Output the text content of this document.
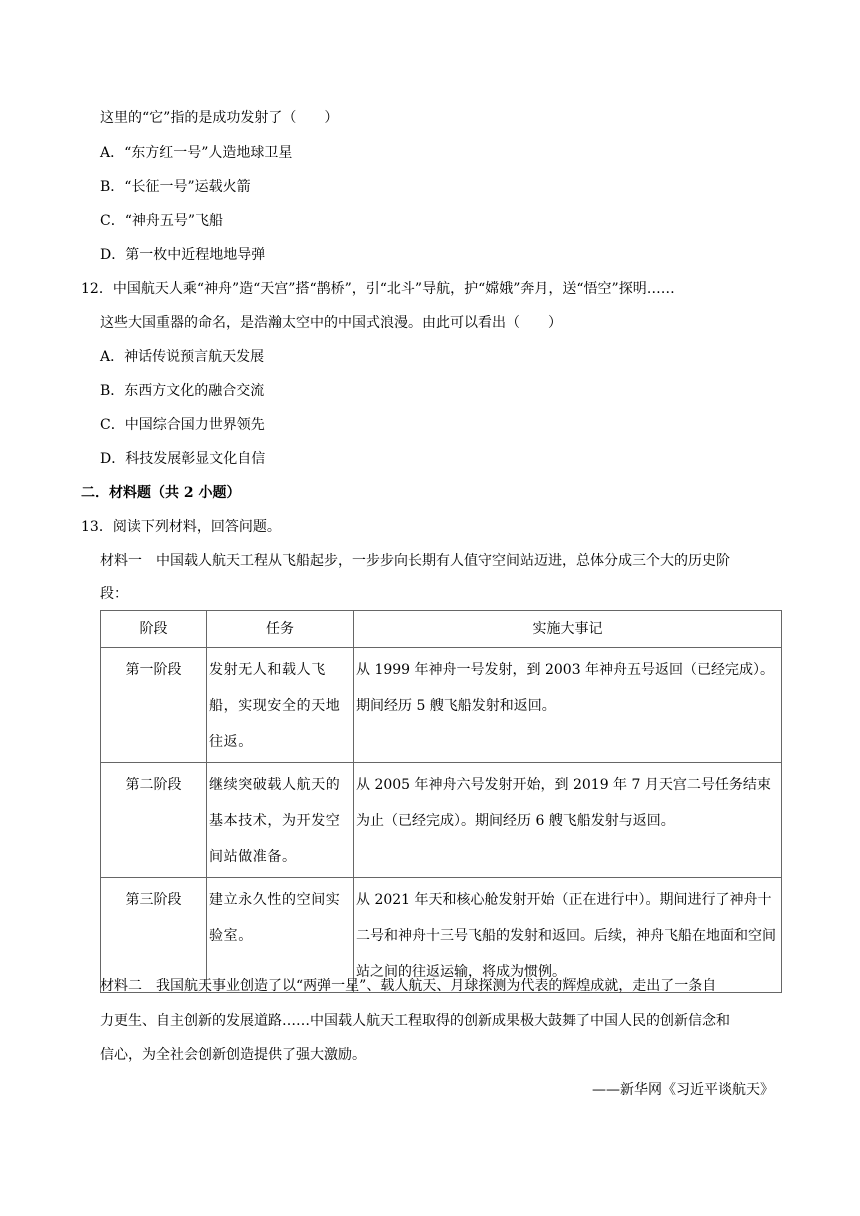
这里的“它”指的是成功发射了（　　）
A．“东方红一号”人造地球卫星
B．“长征一号”运载火箭
C．“神舟五号”飞船
D．第一枚中近程地地导弹
12．中国航天人乘“神舟”造“天宫”搭“鹊桥”，引“北斗”导航，护“嫦娥”奔月，送“悟空”探明……
这些大国重器的命名，是浩瀚太空中的中国式浪漫。由此可以看出（　　）
A．神话传说预言航天发展
B．东西方文化的融合交流
C．中国综合国力世界领先
D．科技发展彰显文化自信
二．材料题（共 2 小题）
13．阅读下列材料，回答问题。
材料一　中国载人航天工程从飞船起步，一步步向长期有人值守空间站迈进，总体分成三个大的历史阶
段：
阶段	任务	实施大事记
第一阶段	发射无人和载人飞船，实现安全的天地往返。	从 1999 年神舟一号发射，到 2003 年神舟五号返回（已经完成）。期间经历 5 艘飞船发射和返回。
第二阶段	继续突破载人航天的基本技术，为开发空间站做准备。	从 2005 年神舟六号发射开始，到 2019 年 7 月天宫二号任务结束为止（已经完成）。期间经历 6 艘飞船发射与返回。
第三阶段	建立永久性的空间实验室。	从 2021 年天和核心舱发射开始（正在进行中）。期间进行了神舟十二号和神舟十三号飞船的发射和返回。后续，神舟飞船在地面和空间站之间的往返运输，将成为惯例。
材料二　我国航天事业创造了以“两弹一星”、载人航天、月球探测为代表的辉煌成就，走出了一条自
力更生、自主创新的发展道路……中国载人航天工程取得的创新成果极大鼓舞了中国人民的创新信念和
信心，为全社会创新创造提供了强大激励。
——新华网《习近平谈航天》
